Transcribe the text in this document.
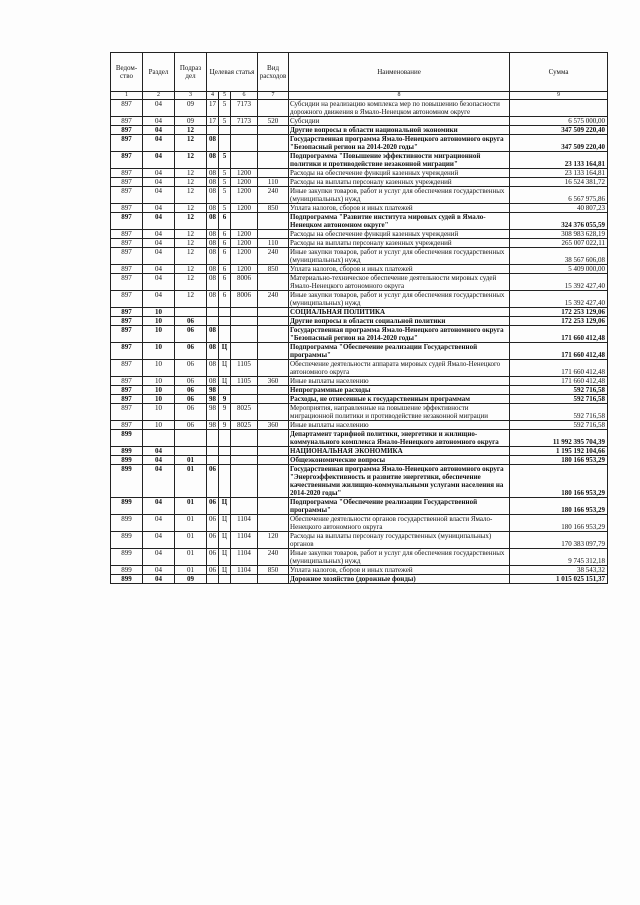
Ведом-ство	Раздел	Подраз дел	Целевая статья			Вид расходов	Наименование	Сумма
1	2	3	4	5	6	7	8	9
897	04	09	17	5	7173		Субсидии на реализацию комплекса мер по повышению безопасности дорожного движения в Ямало-Ненецком автономном округе	
897	04	09	17	5	7173	520	Субсидии	6 575 000,00
897	04	12					Другие вопросы в области национальной экономики	347 509 220,40
897	04	12	08				Государственная программа Ямало-Ненецкого автономного округа "Безопасный регион на 2014-2020 годы"	347 509 220,40
897	04	12	08	5			Подпрограмма "Повышение эффективности миграционной политики и противодействие незаконной миграции"	23 133 164,81
897	04	12	08	5	1200		Расходы на обеспечение функций казенных учреждений	23 133 164,81
897	04	12	08	5	1200	110	Расходы на выплаты персоналу казенных учреждений	16 524 381,72
897	04	12	08	5	1200	240	Иные закупки товаров, работ и услуг для обеспечения государственных (муниципальных) нужд	6 567 975,86
897	04	12	08	5	1200	850	Уплата налогов, сборов и иных платежей	40 807,23
897	04	12	08	6			Подпрограмма "Развитие института мировых судей в Ямало-Ненецком автономном округе"	324 376 055,59
897	04	12	08	6	1200		Расходы на обеспечение функций казенных учреждений	308 983 628,19
897	04	12	08	6	1200	110	Расходы на выплаты персоналу казенных учреждений	265 007 022,11
897	04	12	08	6	1200	240	Иные закупки товаров, работ и услуг для обеспечения государственных (муниципальных) нужд	38 567 606,08
897	04	12	08	6	1200	850	Уплата налогов, сборов и иных платежей	5 409 000,00
897	04	12	08	6	8006		Материально-техническое обеспечение деятельности мировых судей Ямало-Ненецкого автономного округа	15 392 427,40
897	04	12	08	6	8006	240	Иные закупки товаров, работ и услуг для обеспечения государственных (муниципальных) нужд	15 392 427,40
897	10						СОЦИАЛЬНАЯ ПОЛИТИКА	172 253 129,06
897	10	06					Другие вопросы в области социальной политики	172 253 129,06
897	10	06	08				Государственная программа Ямало-Ненецкого автономного округа "Безопасный регион на 2014-2020 годы"	171 660 412,48
897	10	06	08	Ц			Подпрограмма "Обеспечение реализации Государственной программы"	171 660 412,48
897	10	06	08	Ц	1105		Обеспечение деятельности аппарата мировых судей Ямало-Ненецкого автономного округа	171 660 412,48
897	10	06	08	Ц	1105	360	Иные выплаты населению	171 660 412,48
897	10	06	98				Непрограммные расходы	592 716,58
897	10	06	98	9			Расходы, не отнесенные к государственным программам	592 716,58
897	10	06	98	9	8025		Мероприятия, направленные на повышение эффективности миграционной политики и противодействие незаконной миграции	592 716,58
897	10	06	98	9	8025	360	Иные выплаты населению	592 716,58
899							Департамент тарифной политики, энергетики и жилищно-коммунального комплекса Ямало-Ненецкого автономного округа	11 992 395 704,39
899	04						НАЦИОНАЛЬНАЯ ЭКОНОМИКА	1 195 192 104,66
899	04	01					Общеэкономические вопросы	180 166 953,29
899	04	01	06				Государственная программа Ямало-Ненецкого автономного округа "Энергоэффективность и развитие энергетики, обеспечение качественными жилищно-коммунальными услугами населения на 2014-2020 годы"	180 166 953,29
899	04	01	06	Ц			Подпрограмма "Обеспечение реализации Государственной программы"	180 166 953,29
899	04	01	06	Ц	1104		Обеспечение деятельности органов государственной власти Ямало-Ненецкого автономного округа	180 166 953,29
899	04	01	06	Ц	1104	120	Расходы на выплаты персоналу государственных (муниципальных) органов	170 383 097,79
899	04	01	06	Ц	1104	240	Иные закупки товаров, работ и услуг для обеспечения государственных (муниципальных) нужд	9 745 312,18
899	04	01	06	Ц	1104	850	Уплата налогов, сборов и иных платежей	38 543,32
899	04	09					Дорожное хозяйство (дорожные фонды)	1 015 025 151,37
